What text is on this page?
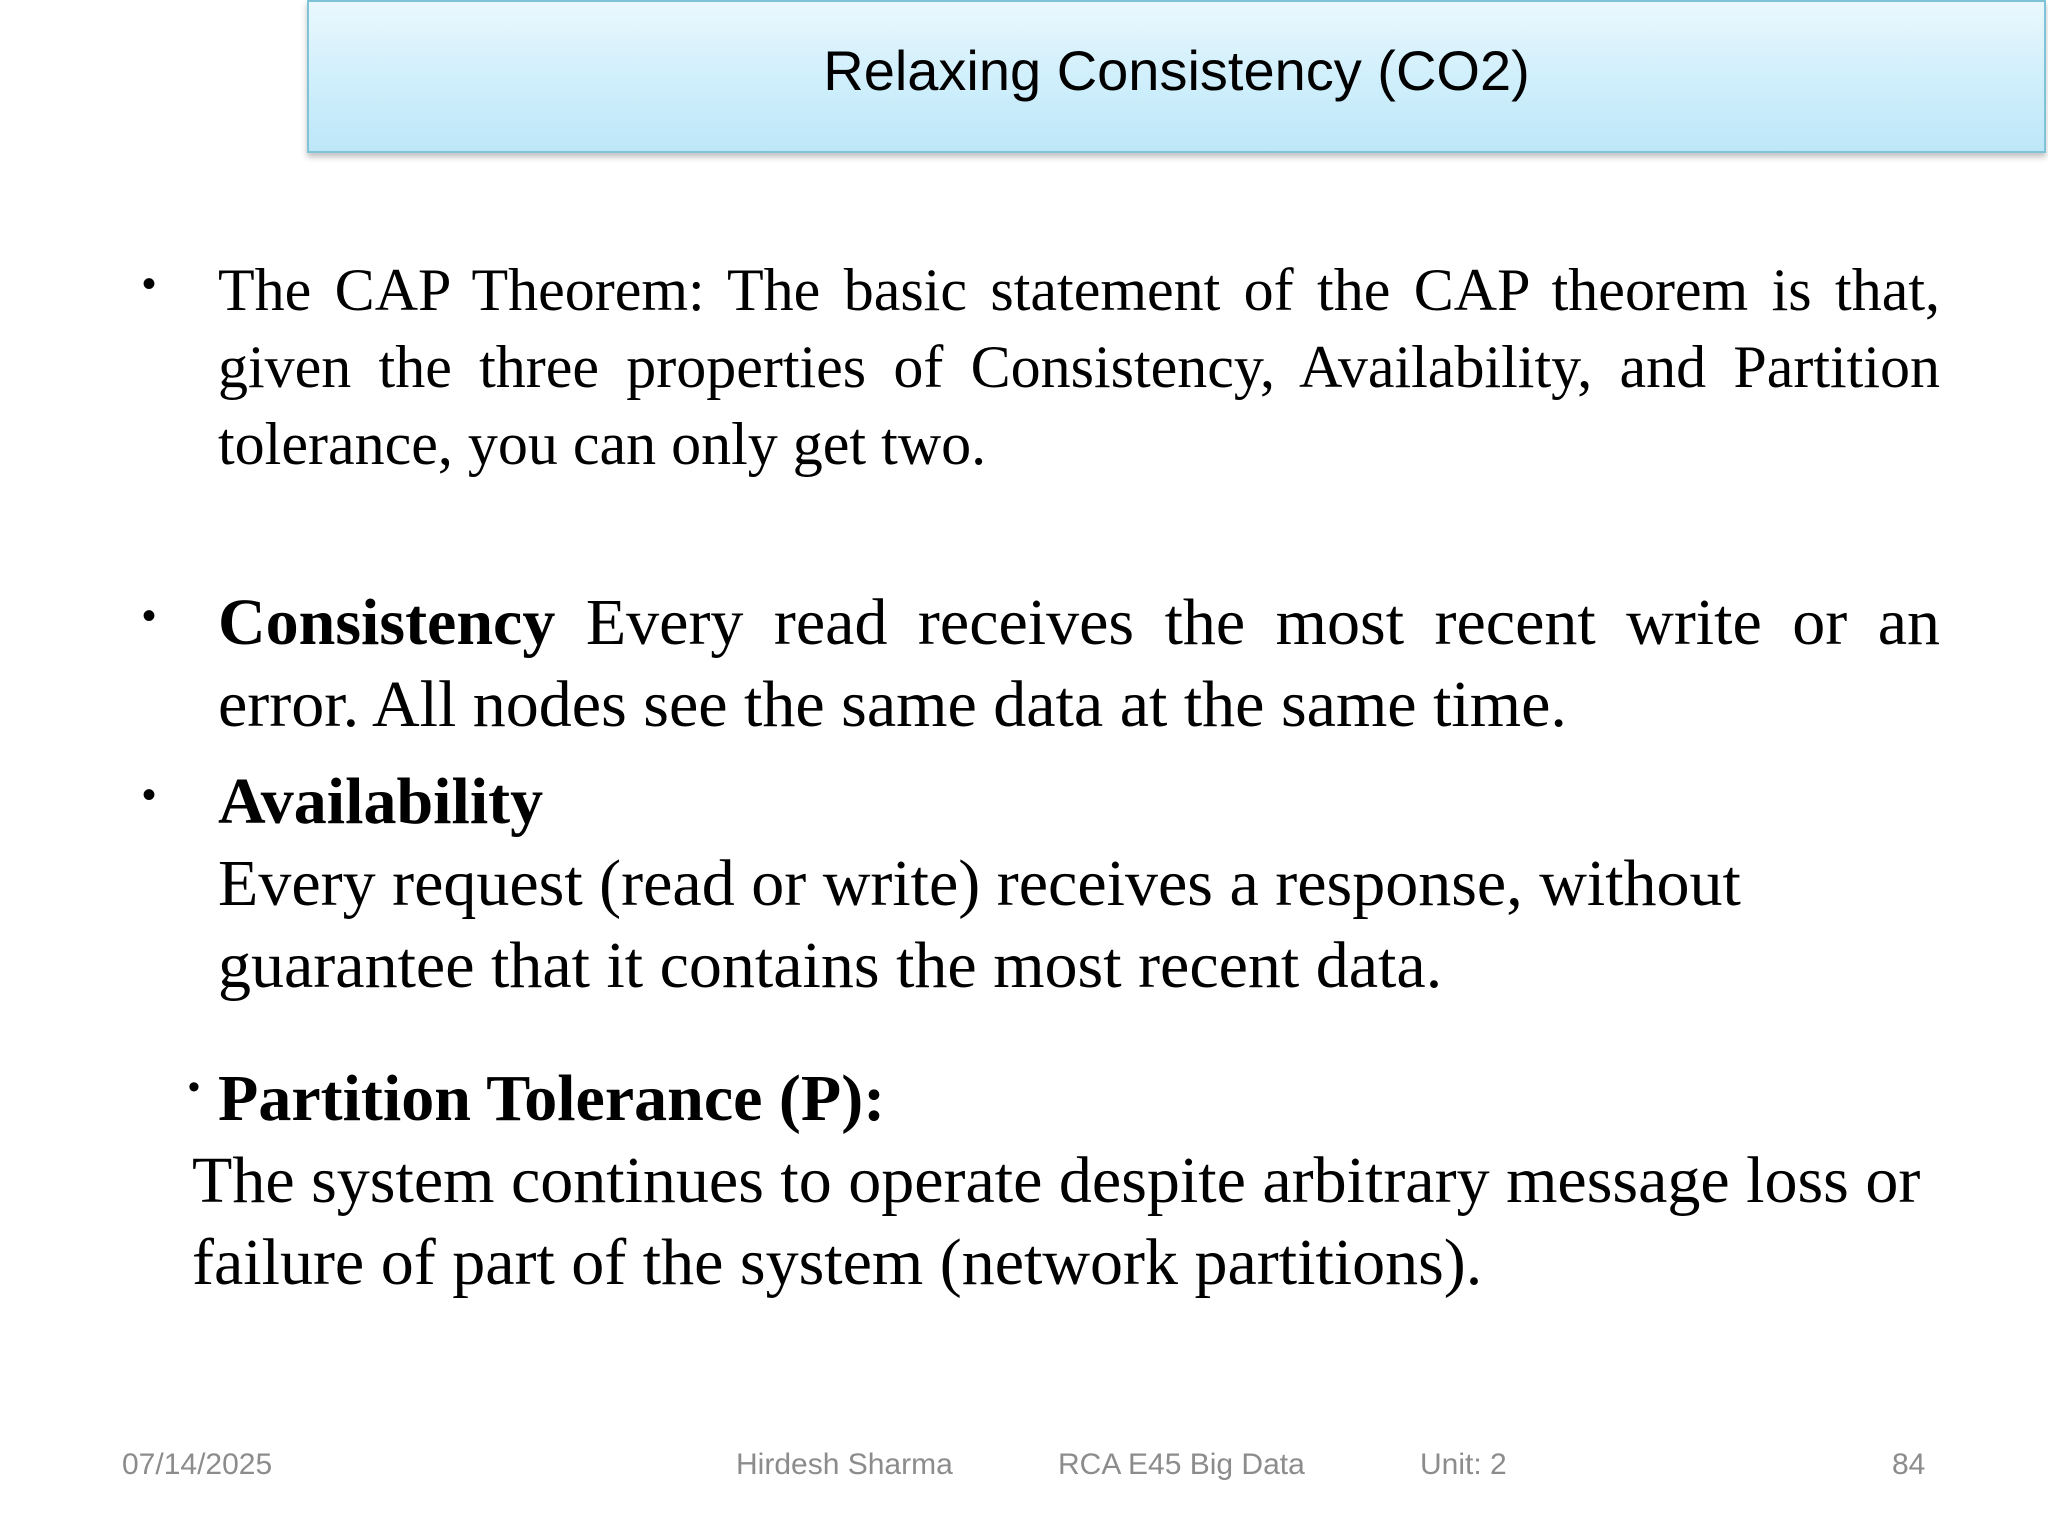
Relaxing Consistency (CO2)
• The CAP Theorem: The basic statement of the CAP theorem is that, given the three properties of Consistency, Availability, and Partition tolerance, you can only get two.
• Consistency Every read receives the most recent write or an error. All nodes see the same data at the same time.
• Availability
Every request (read or write) receives a response, without guarantee that it contains the most recent data.
• Partition Tolerance (P):
The system continues to operate despite arbitrary message loss or failure of part of the system (network partitions).
07/14/2025	Hirdesh Sharma	RCA E45 Big Data	Unit: 2	84
